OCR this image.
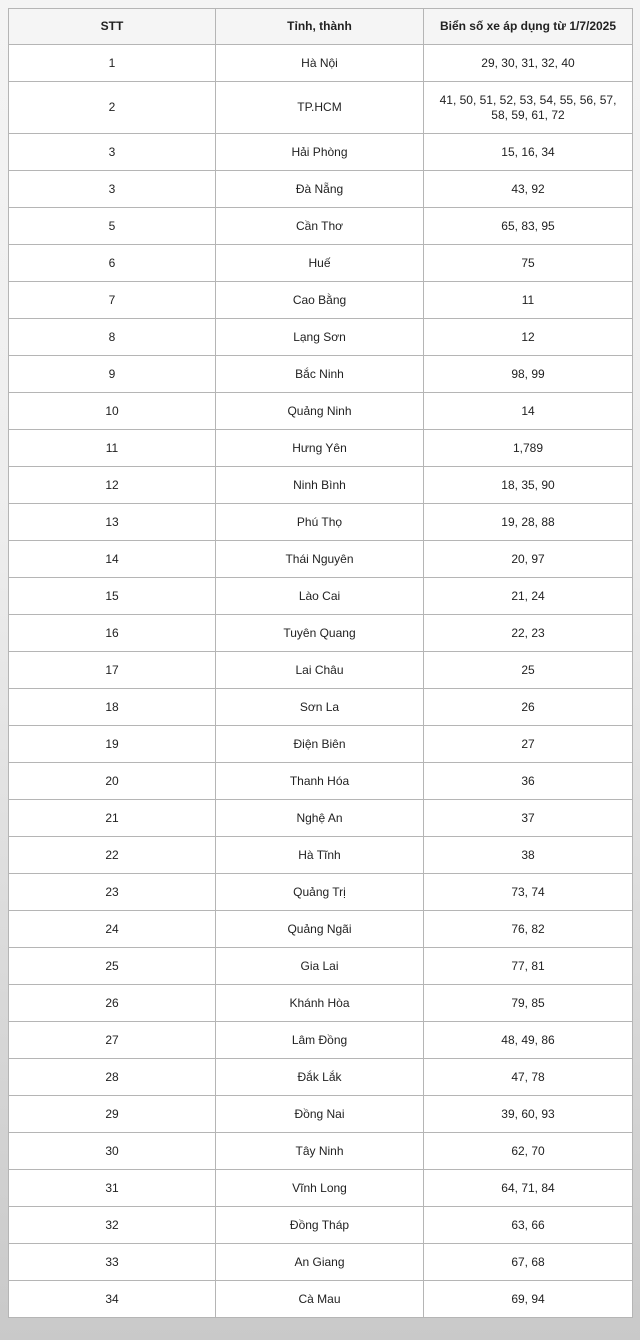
STT	Tỉnh, thành	Biển số xe áp dụng từ 1/7/2025
1	Hà Nội	29, 30, 31, 32, 40
2	TP.HCM	41, 50, 51, 52, 53, 54, 55, 56, 57, 58, 59, 61, 72
3	Hải Phòng	15, 16, 34
3	Đà Nẵng	43, 92
5	Cần Thơ	65, 83, 95
6	Huế	75
7	Cao Bằng	11
8	Lạng Sơn	12
9	Bắc Ninh	98, 99
10	Quảng Ninh	14
11	Hưng Yên	1,789
12	Ninh Bình	18, 35, 90
13	Phú Thọ	19, 28, 88
14	Thái Nguyên	20, 97
15	Lào Cai	21, 24
16	Tuyên Quang	22, 23
17	Lai Châu	25
18	Sơn La	26
19	Điện Biên	27
20	Thanh Hóa	36
21	Nghệ An	37
22	Hà Tĩnh	38
23	Quảng Trị	73, 74
24	Quảng Ngãi	76, 82
25	Gia Lai	77, 81
26	Khánh Hòa	79, 85
27	Lâm Đồng	48, 49, 86
28	Đắk Lắk	47, 78
29	Đồng Nai	39, 60, 93
30	Tây Ninh	62, 70
31	Vĩnh Long	64, 71, 84
32	Đồng Tháp	63, 66
33	An Giang	67, 68
34	Cà Mau	69, 94
